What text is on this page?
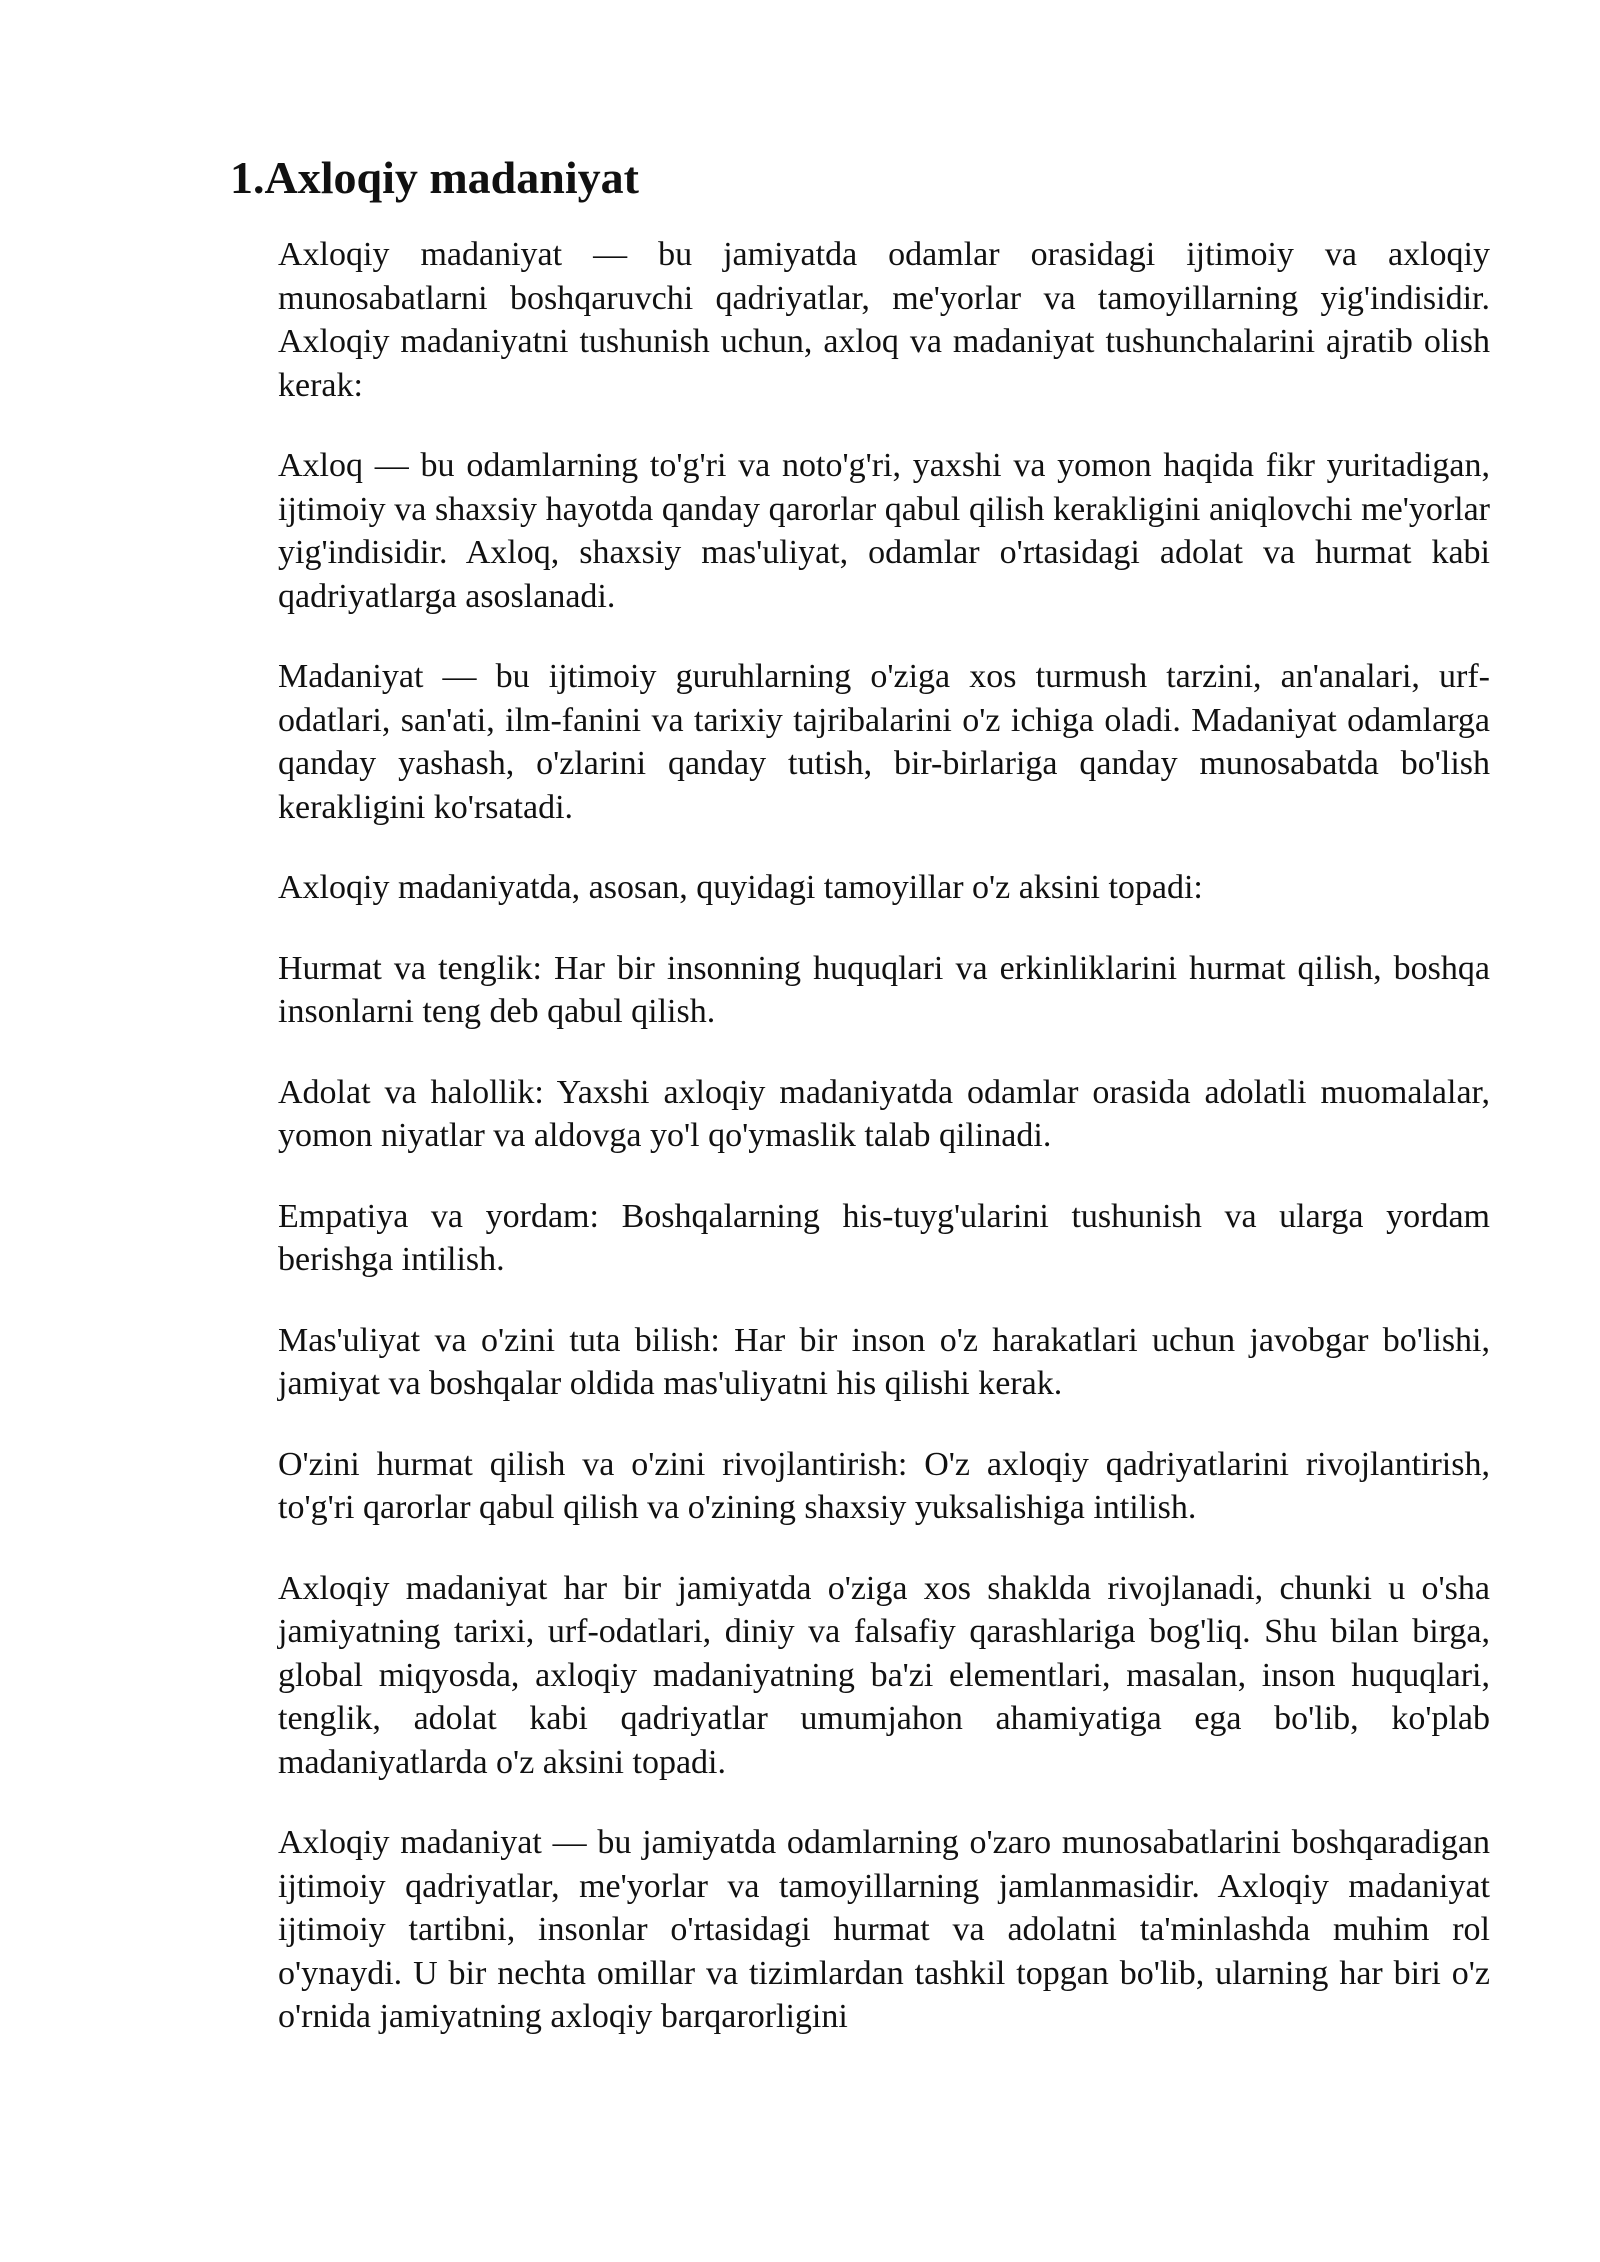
1.Axloqiy madaniyat

Axloqiy madaniyat — bu jamiyatda odamlar orasidagi ijtimoiy va axloqiy munosabatlarni boshqaruvchi qadriyatlar, me'yorlar va tamoyillarning yig'indisidir. Axloqiy madaniyatni tushunish uchun, axloq va madaniyat tushunchalarini ajratib olish kerak:

Axloq — bu odamlarning to'g'ri va noto'g'ri, yaxshi va yomon haqida fikr yuritadigan, ijtimoiy va shaxsiy hayotda qanday qarorlar qabul qilish kerakligini aniqlovchi me'yorlar yig'indisidir. Axloq, shaxsiy mas'uliyat, odamlar o'rtasidagi adolat va hurmat kabi qadriyatlarga asoslanadi.

Madaniyat — bu ijtimoiy guruhlarning o'ziga xos turmush tarzini, an'analari, urf-odatlari, san'ati, ilm-fanini va tarixiy tajribalarini o'z ichiga oladi. Madaniyat odamlarga qanday yashash, o'zlarini qanday tutish, bir-birlariga qanday munosabatda bo'lish kerakligini ko'rsatadi.

Axloqiy madaniyatda, asosan, quyidagi tamoyillar o'z aksini topadi:

Hurmat va tenglik: Har bir insonning huquqlari va erkinliklarini hurmat qilish, boshqa insonlarni teng deb qabul qilish.

Adolat va halollik: Yaxshi axloqiy madaniyatda odamlar orasida adolatli muomalalar, yomon niyatlar va aldovga yo'l qo'ymaslik talab qilinadi.

Empatiya va yordam: Boshqalarning his-tuyg'ularini tushunish va ularga yordam berishga intilish.

Mas'uliyat va o'zini tuta bilish: Har bir inson o'z harakatlari uchun javobgar bo'lishi, jamiyat va boshqalar oldida mas'uliyatni his qilishi kerak.

O'zini hurmat qilish va o'zini rivojlantirish: O'z axloqiy qadriyatlarini rivojlantirish, to'g'ri qarorlar qabul qilish va o'zining shaxsiy yuksalishiga intilish.

Axloqiy madaniyat har bir jamiyatda o'ziga xos shaklda rivojlanadi, chunki u o'sha jamiyatning tarixi, urf-odatlari, diniy va falsafiy qarashlariga bog'liq. Shu bilan birga, global miqyosda, axloqiy madaniyatning ba'zi elementlari, masalan, inson huquqlari, tenglik, adolat kabi qadriyatlar umumjahon ahamiyatiga ega bo'lib, ko'plab madaniyatlarda o'z aksini topadi.

Axloqiy madaniyat — bu jamiyatda odamlarning o'zaro munosabatlarini boshqaradigan ijtimoiy qadriyatlar, me'yorlar va tamoyillarning jamlanmasidir. Axloqiy madaniyat ijtimoiy tartibni, insonlar o'rtasidagi hurmat va adolatni ta'minlashda muhim rol o'ynaydi. U bir nechta omillar va tizimlardan tashkil topgan bo'lib, ularning har biri o'z o'rnida jamiyatning axloqiy barqarorligini
